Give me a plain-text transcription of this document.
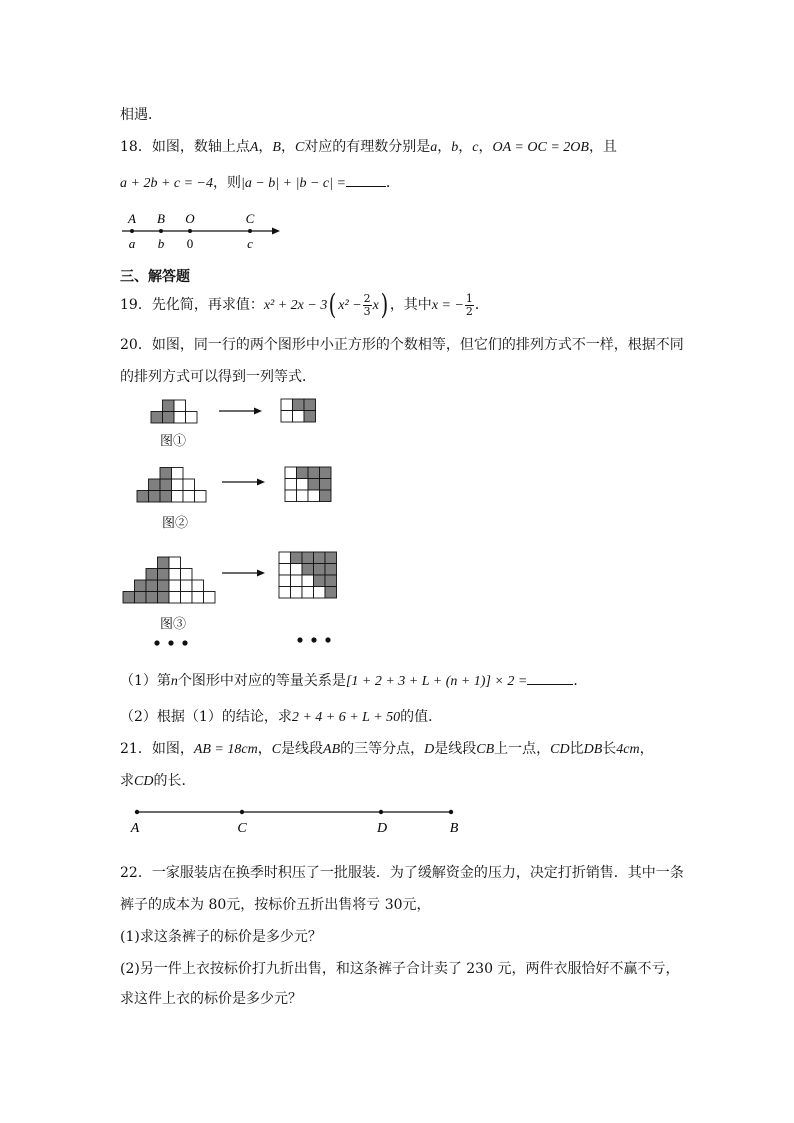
相遇．
18．如图，数轴上点A，B，C对应的有理数分别是a，b，c，OA = OC = 2OB，且
a + 2b + c = −4，则|a − b| + |b − c| =	．
A B O	C
a b 0	c
三、解答题
19．先化简，再求值：x² + 2x − 3( $x^2 - \frac{2}{3} x$) ，其中x = − $\frac{1}{2}$ ．
20．如图，同一行的两个图形中小正方形的个数相等，但它们的排列方式不一样，根据不同
的排列方式可以得到一列等式．
图①
图②
图③
（1）第n个图形中对应的等量关系是[1 + 2 + 3 + L + (n + 1)] × 2 =	．
（2）根据（1）的结论，求2 + 4 + 6 + L + 50的值．
21．如图，AB = 18cm，C是线段AB的三等分点，D是线段CB上一点，CD比DB长4cm，
求CD的长．
A	C	D	B
22．一家服装店在换季时积压了一批服装．为了缓解资金的压力，决定打折销售．其中一条
裤子的成本为 80元，按标价五折出售将亏 30元，
(1)求这条裤子的标价是多少元？
(2)另一件上衣按标价打九折出售，和这条裤子合计卖了 230 元，两件衣服恰好不赢不亏，
求这件上衣的标价是多少元？
